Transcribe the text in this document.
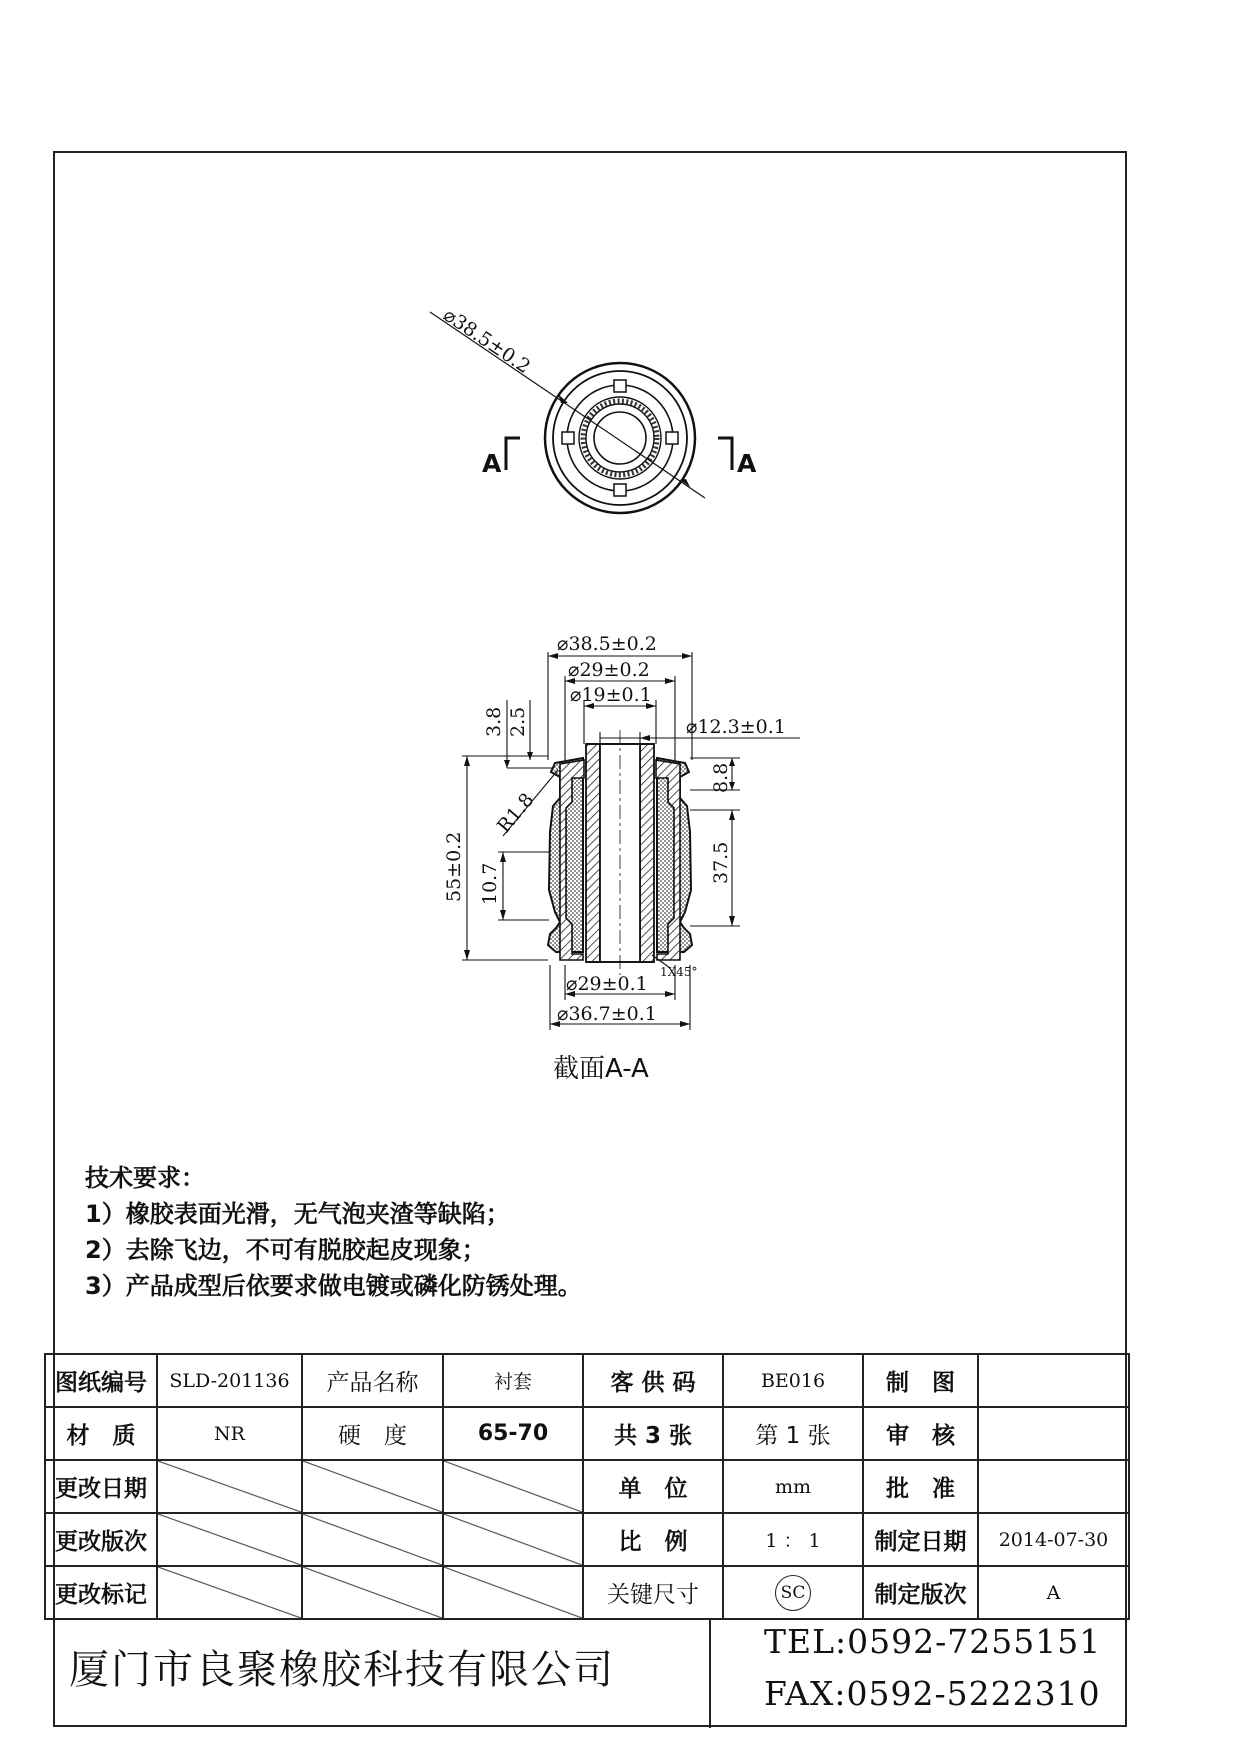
⌀38.5±0.2
A	A
⌀38.5±0.2
⌀29±0.2
⌀19±0.1
⌀12.3±0.1
3.8 2.5
R1.8
55±0.2 10.7
8.8
37.5
1X45°
⌀29±0.1
⌀36.7±0.1
截面A-A
技术要求：
1）橡胶表面光滑，无气泡夹渣等缺陷；
2）去除飞边，不可有脱胶起皮现象；
3）产品成型后依要求做电镀或磷化防锈处理。
图纸编号	SLD-201136	产品名称	衬套	客 供 码	BE016	制　图	
材　质	NR	硬　度	65-70	共 3 张	第 1 张	审　核	
更改日期				单　位	mm	批　准	
更改版次				比　例	1 ： 1	制定日期	2014-07-30
更改标记				关键尺寸	SC	制定版次	A
厦门市良聚橡胶科技有限公司
TEL:0592-7255151
FAX:0592-5222310
